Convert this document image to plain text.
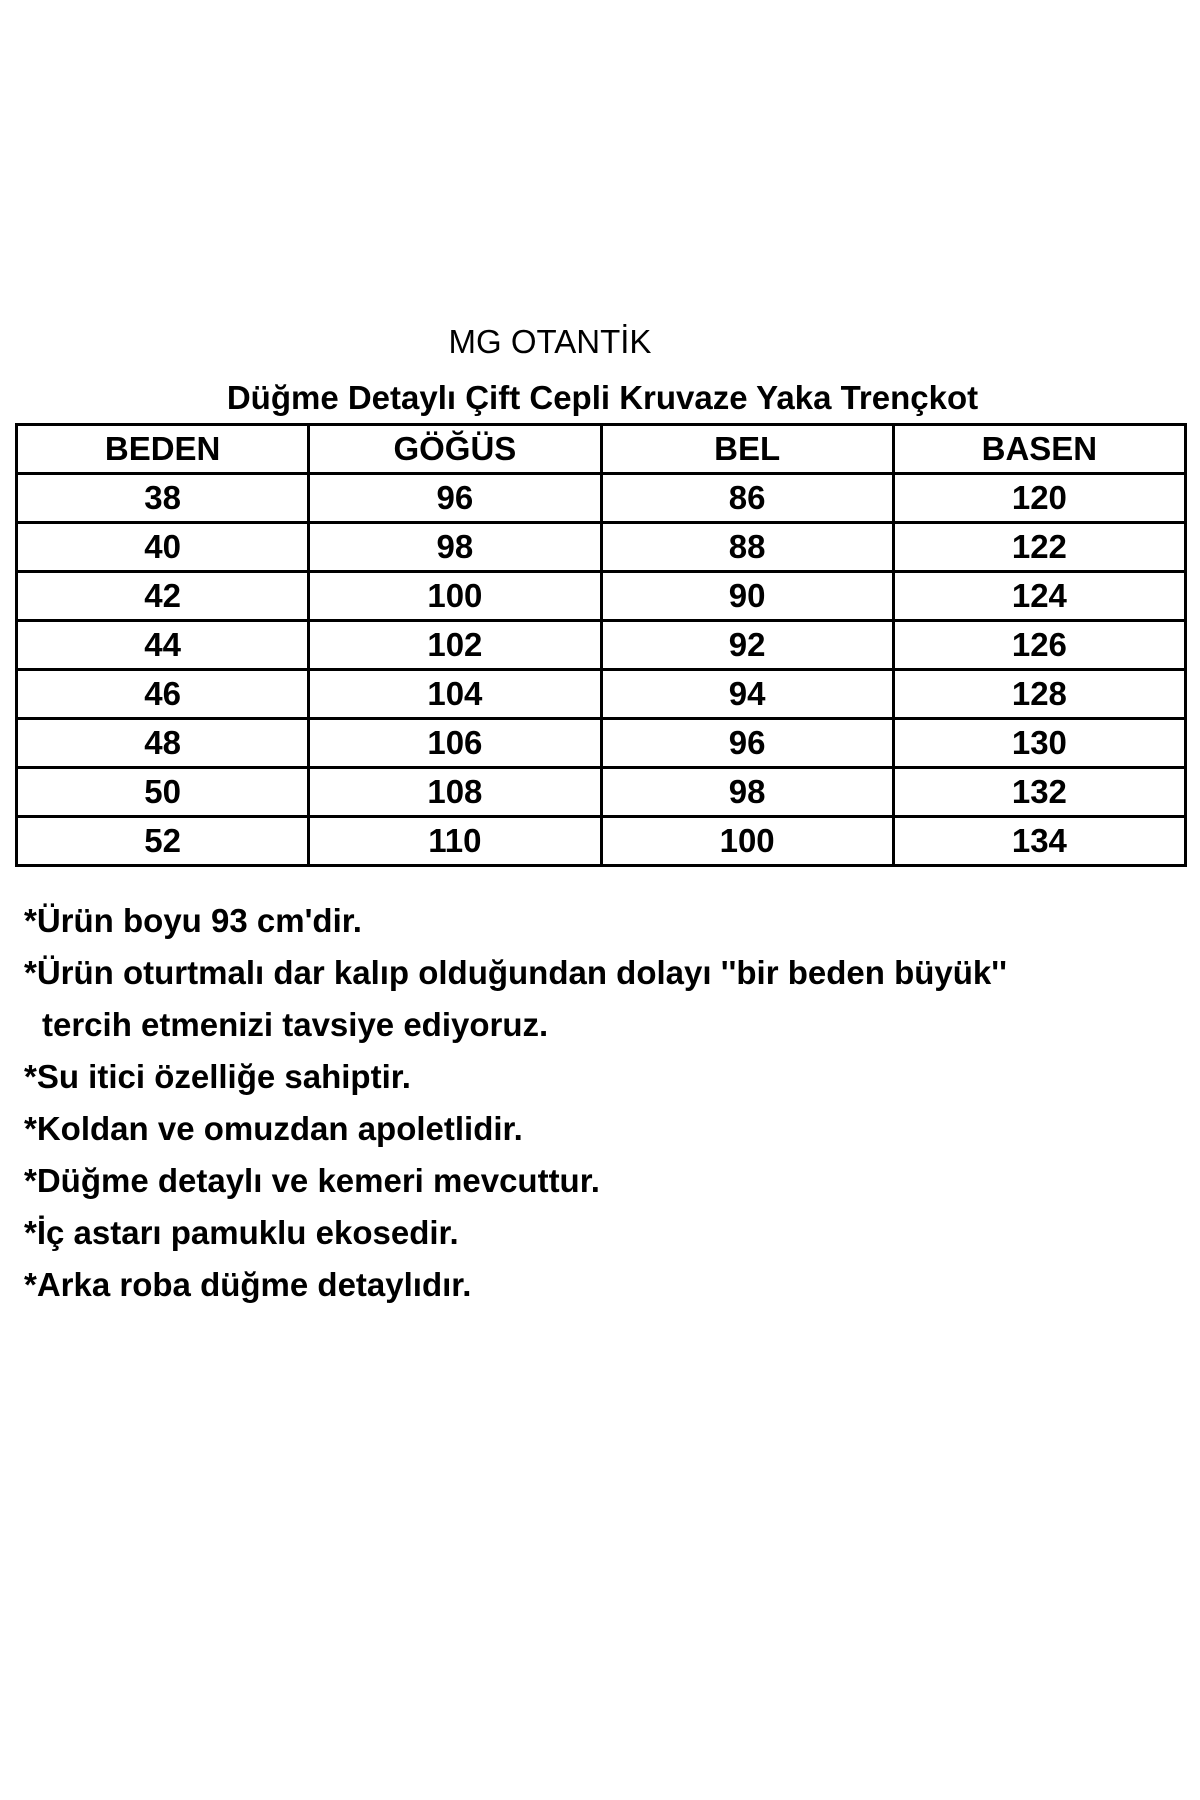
MG OTANTİK
Düğme Detaylı Çift Cepli Kruvaze Yaka Trençkot
BEDEN	GÖĞÜS	BEL	BASEN
38	96	86	120
40	98	88	122
42	100	90	124
44	102	92	126
46	104	94	128
48	106	96	130
50	108	98	132
52	110	100	134
*Ürün boyu 93 cm'dir.
*Ürün oturtmalı dar kalıp olduğundan dolayı ''bir beden büyük''
tercih etmenizi tavsiye ediyoruz.
*Su itici özelliğe sahiptir.
*Koldan ve omuzdan apoletlidir.
*Düğme detaylı ve kemeri mevcuttur.
*İç astarı pamuklu ekosedir.
*Arka roba düğme detaylıdır.
